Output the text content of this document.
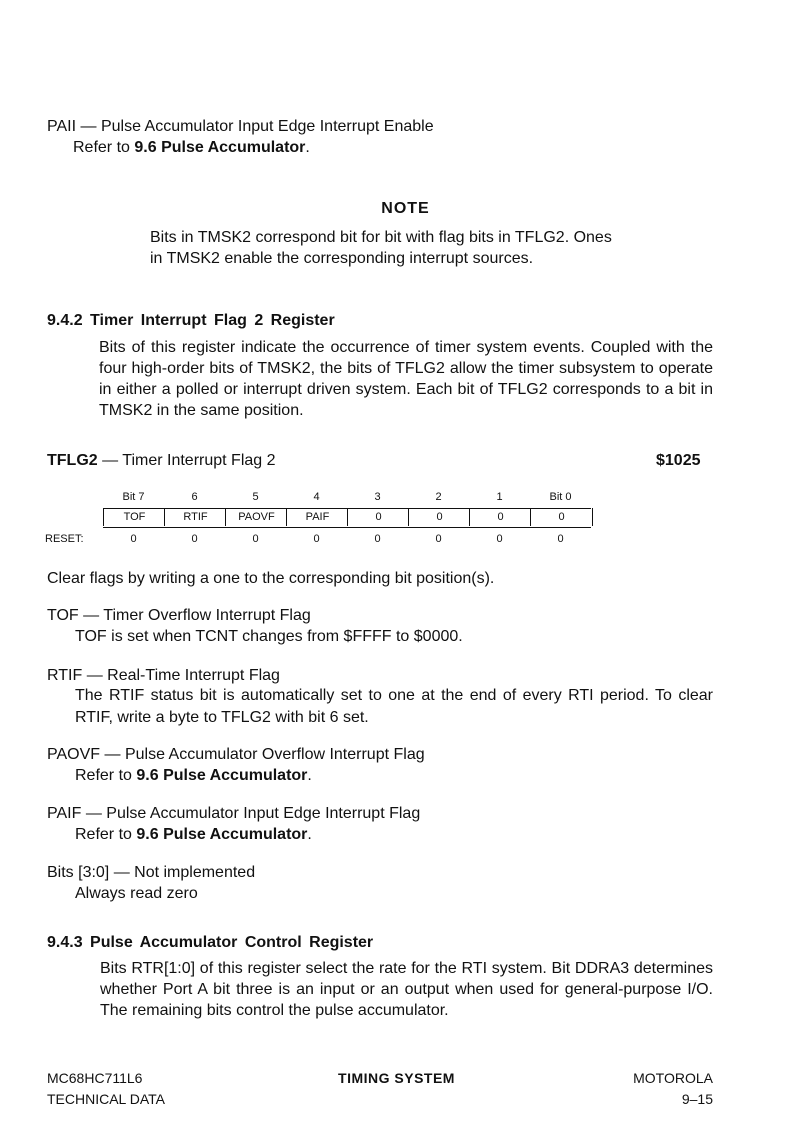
PAII — Pulse Accumulator Input Edge Interrupt Enable
Refer to 9.6 Pulse Accumulator.
NOTE
Bits in TMSK2 correspond bit for bit with flag bits in TFLG2. Ones
in TMSK2 enable the corresponding interrupt sources.
9.4.2 Timer Interrupt Flag 2 Register
Bits of this register indicate the occurrence of timer system events. Coupled with the four high-order bits of TMSK2, the bits of TFLG2 allow the timer subsystem to operate in either a polled or interrupt driven system. Each bit of TFLG2 corresponds to a bit in TMSK2 in the same position.
TFLG2 — Timer Interrupt Flag 2	$1025
Bit 7	6	5	4	3	2	1	Bit 0
TOF	RTIF	PAOVF	PAIF	0	0	0	0
RESET:	0	0	0	0	0	0	0	0
Clear flags by writing a one to the corresponding bit position(s).
TOF — Timer Overflow Interrupt Flag
TOF is set when TCNT changes from $FFFF to $0000.
RTIF — Real-Time Interrupt Flag
The RTIF status bit is automatically set to one at the end of every RTI period. To clear RTIF, write a byte to TFLG2 with bit 6 set.
PAOVF — Pulse Accumulator Overflow Interrupt Flag
Refer to 9.6 Pulse Accumulator.
PAIF — Pulse Accumulator Input Edge Interrupt Flag
Refer to 9.6 Pulse Accumulator.
Bits [3:0] — Not implemented
Always read zero
9.4.3 Pulse Accumulator Control Register
Bits RTR[1:0] of this register select the rate for the RTI system. Bit DDRA3 determines whether Port A bit three is an input or an output when used for general-purpose I/O. The remaining bits control the pulse accumulator.
MC68HC711L6
TECHNICAL DATA
TIMING SYSTEM	MOTOROLA
9–15
